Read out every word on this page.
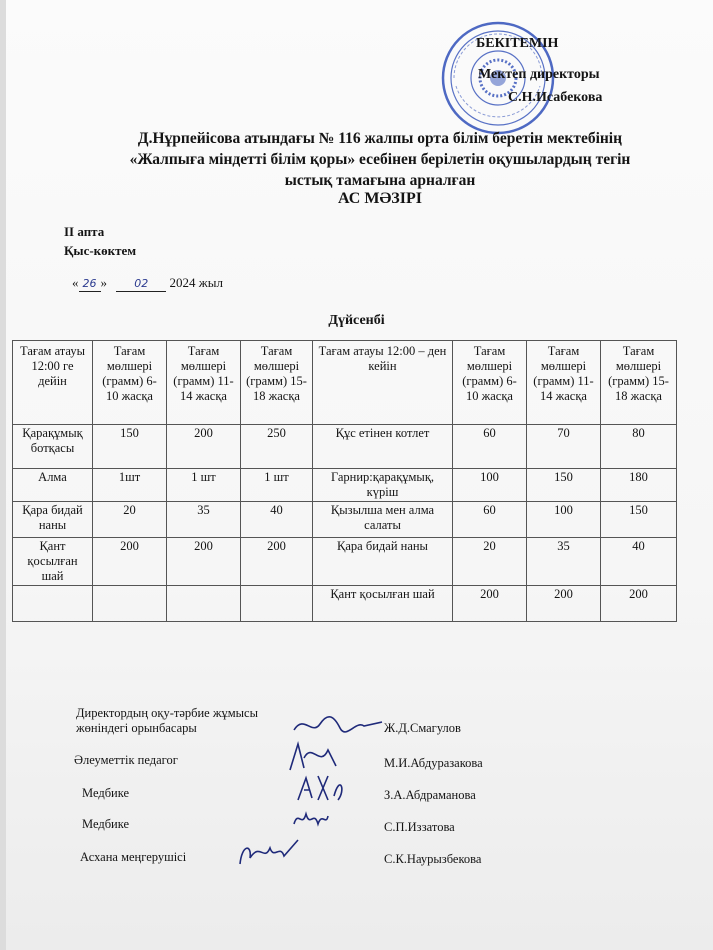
БЕКІТЕМІН
Мектеп директоры
С.Н.Исабекова
Д.Нұрпейісова атындағы № 116 жалпы орта білім беретін мектебінің
«Жалпыға міндетті білім қоры» есебінен берілетін оқушылардың тегін
ыстық тамағына арналған
АС МӘЗІРІ
II апта
Қыс-көктем
« 26 » 02 2024 жыл
Дүйсенбі
Тағам атауы 12:00 ге дейін	Тағам мөлшері (грамм) 6-10 жасқа	Тағам мөлшері (грамм) 11-14 жасқа	Тағам мөлшері (грамм) 15-18 жасқа	Тағам атауы 12:00 – ден кейін	Тағам мөлшері (грамм) 6-10 жасқа	Тағам мөлшері (грамм) 11-14 жасқа	Тағам мөлшері (грамм) 15-18 жасқа
Қарақұмық ботқасы	150	200	250	Құс етінен котлет	60	70	80
Алма	1шт	1 шт	1 шт	Гарнир:қарақұмық, күріш	100	150	180
Қара бидай наны	20	35	40	Қызылша мен алма салаты	60	100	150
Қант қосылған шай	200	200	200	Қара бидай наны	20	35	40
				Қант қосылған шай	200	200	200
Директордың оқу-тәрбие жұмысы жөніндегі орынбасары	Ж.Д.Смагулов
Әлеуметтік педагог	М.И.Абдуразакова
Медбике	З.А.Абдраманова
Медбике	С.П.Иззатова
Асхана меңгерушісі	С.К.Наурызбекова
